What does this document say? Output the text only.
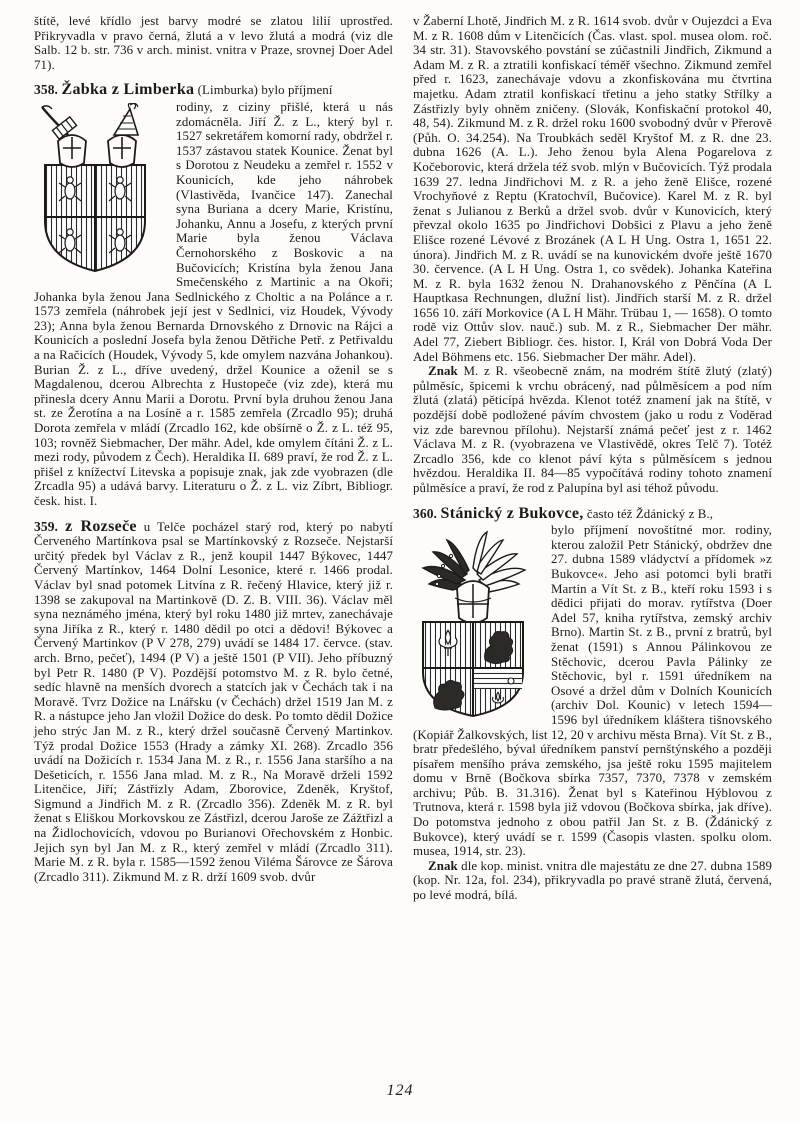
štítě, levé křídlo jest barvy modré se zlatou lilií uprostřed. Přikryvadla v pravo černá, žlutá a v levo žlutá a modrá (viz dle Salb. 12 b. str. 736 v arch. minist. vnitra v Praze, srovnej Doer Adel 71).

358. Žabka z Limberka (Limburka) bylo příjmení

rodiny, z ciziny přišlé, která u nás zdomácněla. Jiří Ž. z L., který byl r. 1527 sekretářem komorní rady, obdržel r. 1537 zástavou statek Kounice. Ženat byl s Dorotou z Neudeku a zemřel r. 1552 v Kounicích, kde jeho náhrobek (Vlastivěda, Ivančice 147). Zanechal syna Buriana a dcery Marie, Kristínu, Johanku, Annu a Josefu, z kterých první Marie byla ženou Václava Černohorského z Boskovic a na Bučovicích; Kristína byla ženou Jana Smečenského z Martinic a na Okoři; Johanka byla ženou Jana Sedlnického z Choltic a na Polánce a r. 1573 zemřela (náhrobek její jest v Sedlnici, viz Houdek, Vývody 23); Anna byla ženou Bernarda Drnovského z Drnovic na Rájci a Kounicích a poslední Josefa byla ženou Dětřiche Petř. z Petřivaldu a na Račicích (Houdek, Vývody 5, kde omylem nazvána Johankou). Burian Ž. z L., dříve uvedený, držel Kounice a oženil se s Magdalenou, dcerou Albrechta z Hustopeče (viz zde), která mu přinesla dcery Annu Marii a Dorotu. První byla druhou ženou Jana st. ze Žerotína a na Losíně a r. 1585 zemřela (Zrcadlo 95); druhá Dorota zemřela v mládí (Zrcadlo 162, kde obšírně o Ž. z L. též 95, 103; rovněž Siebmacher, Der mähr. Adel, kde omylem čítáni Ž. z L. mezi rody, původem z Čech). Heraldika II. 689 praví, že rod Ž. z L. přišel z knížectví Litevska a popisuje znak, jak zde vyobrazen (dle Zrcadla 95) a udává barvy. Literaturu o Ž. z L. viz Zíbrt, Bibliogr. česk. hist. I.

359. z Rozseče u Telče pocházel starý rod, který po nabytí Červeného Martínkova psal se Martínkovský z Rozseče. Nejstarší určitý předek byl Václav z R., jenž koupil 1447 Býkovec, 1447 Červený Martínkov, 1464 Dolní Lesonice, které r. 1466 prodal. Václav byl snad potomek Litvína z R. řečený Hlavice, který již r. 1398 se zakupoval na Martinkově (D. Z. B. VIII. 36). Václav měl syna neznámého jména, který byl roku 1480 již mrtev, zanechávaje syna Jiříka z R., který r. 1480 dědil po otci a dědovi! Býkovec a Červený Martinkov (P V 278, 279) uvádí se 1484 17. červce. (stav. arch. Brno, pečeť), 1494 (P V) a ještě 1501 (P VII). Jeho příbuzný byl Petr R. 1480 (P V). Pozdější potomstvo M. z R. bylo četné, sedíc hlavně na menších dvorech a statcích jak v Čechách tak i na Moravě. Tvrz Dožice na Lnářsku (v Čechách) držel 1519 Jan M. z R. a nástupce jeho Jan vložil Dožice do desk. Po tomto dědil Dožice jeho strýc Jan M. z R., který držel současně Červený Martinkov. Týž prodal Dožice 1553 (Hrady a zámky XI. 268). Zrcadlo 356 uvádí na Dožicích r. 1534 Jana M. z R., r. 1556 Jana staršího a na Dešeticích, r. 1556 Jana mlad. M. z R., Na Moravě drželi 1592 Litenčice, Jiří; Zástřizly Adam, Zborovice, Zdeněk, Kryštof, Sigmund a Jindřich M. z R. (Zrcadlo 356). Zdeněk M. z R. byl ženat s Eliškou Morkovskou ze Zástřizl, dcerou Jaroše ze Zážtřizl a na Židlochovicích, vdovou po Burianovi Ořechovském z Honbic. Jejich syn byl Jan M. z R., který zemřel v mládí (Zrcadlo 311). Marie M. z R. byla r. 1585—1592 ženou Viléma Šárovce ze Šárova (Zrcadlo 311). Zikmund M. z R. drží 1609 svob. dvůr

v Žaberní Lhotě, Jindřich M. z R. 1614 svob. dvůr v Oujezdci a Eva M. z R. 1608 dům v Litenčicích (Čas. vlast. spol. musea olom. roč. 34 str. 31). Stavovského povstání se zúčastnili Jindřich, Zikmund a Adam M. z R. a ztratili konfiskací téměř všechno. Zikmund zemřel před r. 1623, zanechávaje vdovu a zkonfiskována mu čtvrtina majetku. Adam ztratil konfiskací třetinu a jeho statky Střílky a Zástřizly byly ohněm zničeny. (Slovák, Konfiskační protokol 40, 48, 54). Zikmund M. z R. držel roku 1600 svobodný dvůr v Přerově (Půh. O. 34.254). Na Troubkách seděl Kryštof M. z R. dne 23. dubna 1626 (A. L.). Jeho ženou byla Alena Pogarelova z Kočeborovic, která držela též svob. mlýn v Bučovicích. Týž prodala 1639 27. ledna Jindřichovi M. z R. a jeho ženě Elišce, rozené Vrochyňové z Reptu (Kratochvíl, Bučovice). Karel M. z R. byl ženat s Julianou z Berků a držel svob. dvůr v Kunovicích, který převzal okolo 1635 po Jindřichovi Dobšici z Plavu a jeho ženě Elišce rozené Lévové z Brozánek (A L H Ung. Ostra 1, 1651 22. února). Jindřich M. z R. uvádí se na kunovickém dvoře ještě 1670 30. července. (A L H Ung. Ostra 1, co svědek). Johanka Kateřina M. z R. byla 1632 ženou N. Drahanovského z Pěnčína (A L Hauptkasa Rechnungen, dlužní list). Jindřich starší M. z R. držel 1656 10. září Morkovice (A L H Mähr. Trübau 1, — 1658). O tomto rodě viz Ottův slov. nauč.) sub. M. z R., Siebmacher Der mähr. Adel 77, Ziebert Bibliogr. čes. histor. I, Král von Dobrá Voda Der Adel Böhmens etc. 156. Siebmacher Der mähr. Adel).

Znak M. z R. všeobecně znám, na modrém štítě žlutý (zlatý) půlměsíc, špicemi k vrchu obrácený, nad půlměsícem a pod ním žlutá (zlatá) pěticípá hvězda. Klenot totéž znamení jak na štítě, v pozdější době podložené pávím chvostem (jako u rodu z Voděrad viz zde barevnou přílohu). Nejstarší známá pečeť jest z r. 1462 Václava M. z R. (vyobrazena ve Vlastivědě, okres Telč 7). Totéž Zrcadlo 356, kde co klenot páví kýta s půlměsícem s jednou hvězdou. Heraldika II. 84—85 vypočítává rodiny tohoto znamení půlměsíce a praví, že rod z Palupína byl asi téhož původu.

360. Stánický z Bukovce, často též Ždánický z B.,

bylo příjmení novoštítné mor. rodiny, kterou založil Petr Stánický, obdržev dne 27. dubna 1589 vládyctví a přídomek »z Bukovce«. Jeho asi potomci byli bratři Martin a Vít St. z B., kteří roku 1593 i s dědici přijati do morav. rytířstva (Doer Adel 57, kniha rytířstva, zemský archiv Brno). Martin St. z B., první z bratrů, byl ženat (1591) s Annou Pálinkovou ze Stěchovic, dcerou Pavla Pálinky ze Stěchovic, byl r. 1591 úředníkem na Osové a držel dům v Dolních Kounicích (archiv Dol. Kounic) v letech 1594—1596 byl úředníkem kláštera tišnovského (Kopiář Žalkovských, list 12, 20 v archivu města Brna). Vít St. z B., bratr předešlého, býval úředníkem panství pernštýnského a později písařem menšího práva zemského, jsa ještě roku 1595 majitelem domu v Brně (Bočkova sbírka 7357, 7370, 7378 v zemském archivu; Půb. B. 31.316). Ženat byl s Kateřinou Hýblovou z Trutnova, která r. 1598 byla již vdovou (Bočkova sbírka, jak dříve). Do potomstva jednoho z obou patřil Jan St. z B. (Ždánický z Bukovce), který uvádí se r. 1599 (Časopis vlasten. spolku olom. musea, 1914, str. 23).

Znak dle kop. minist. vnitra dle majestátu ze dne 27. dubna 1589 (kop. Nr. 12a, fol. 234), přikryvadla po pravé straně žlutá, červená, po levé modrá, bílá.

124
